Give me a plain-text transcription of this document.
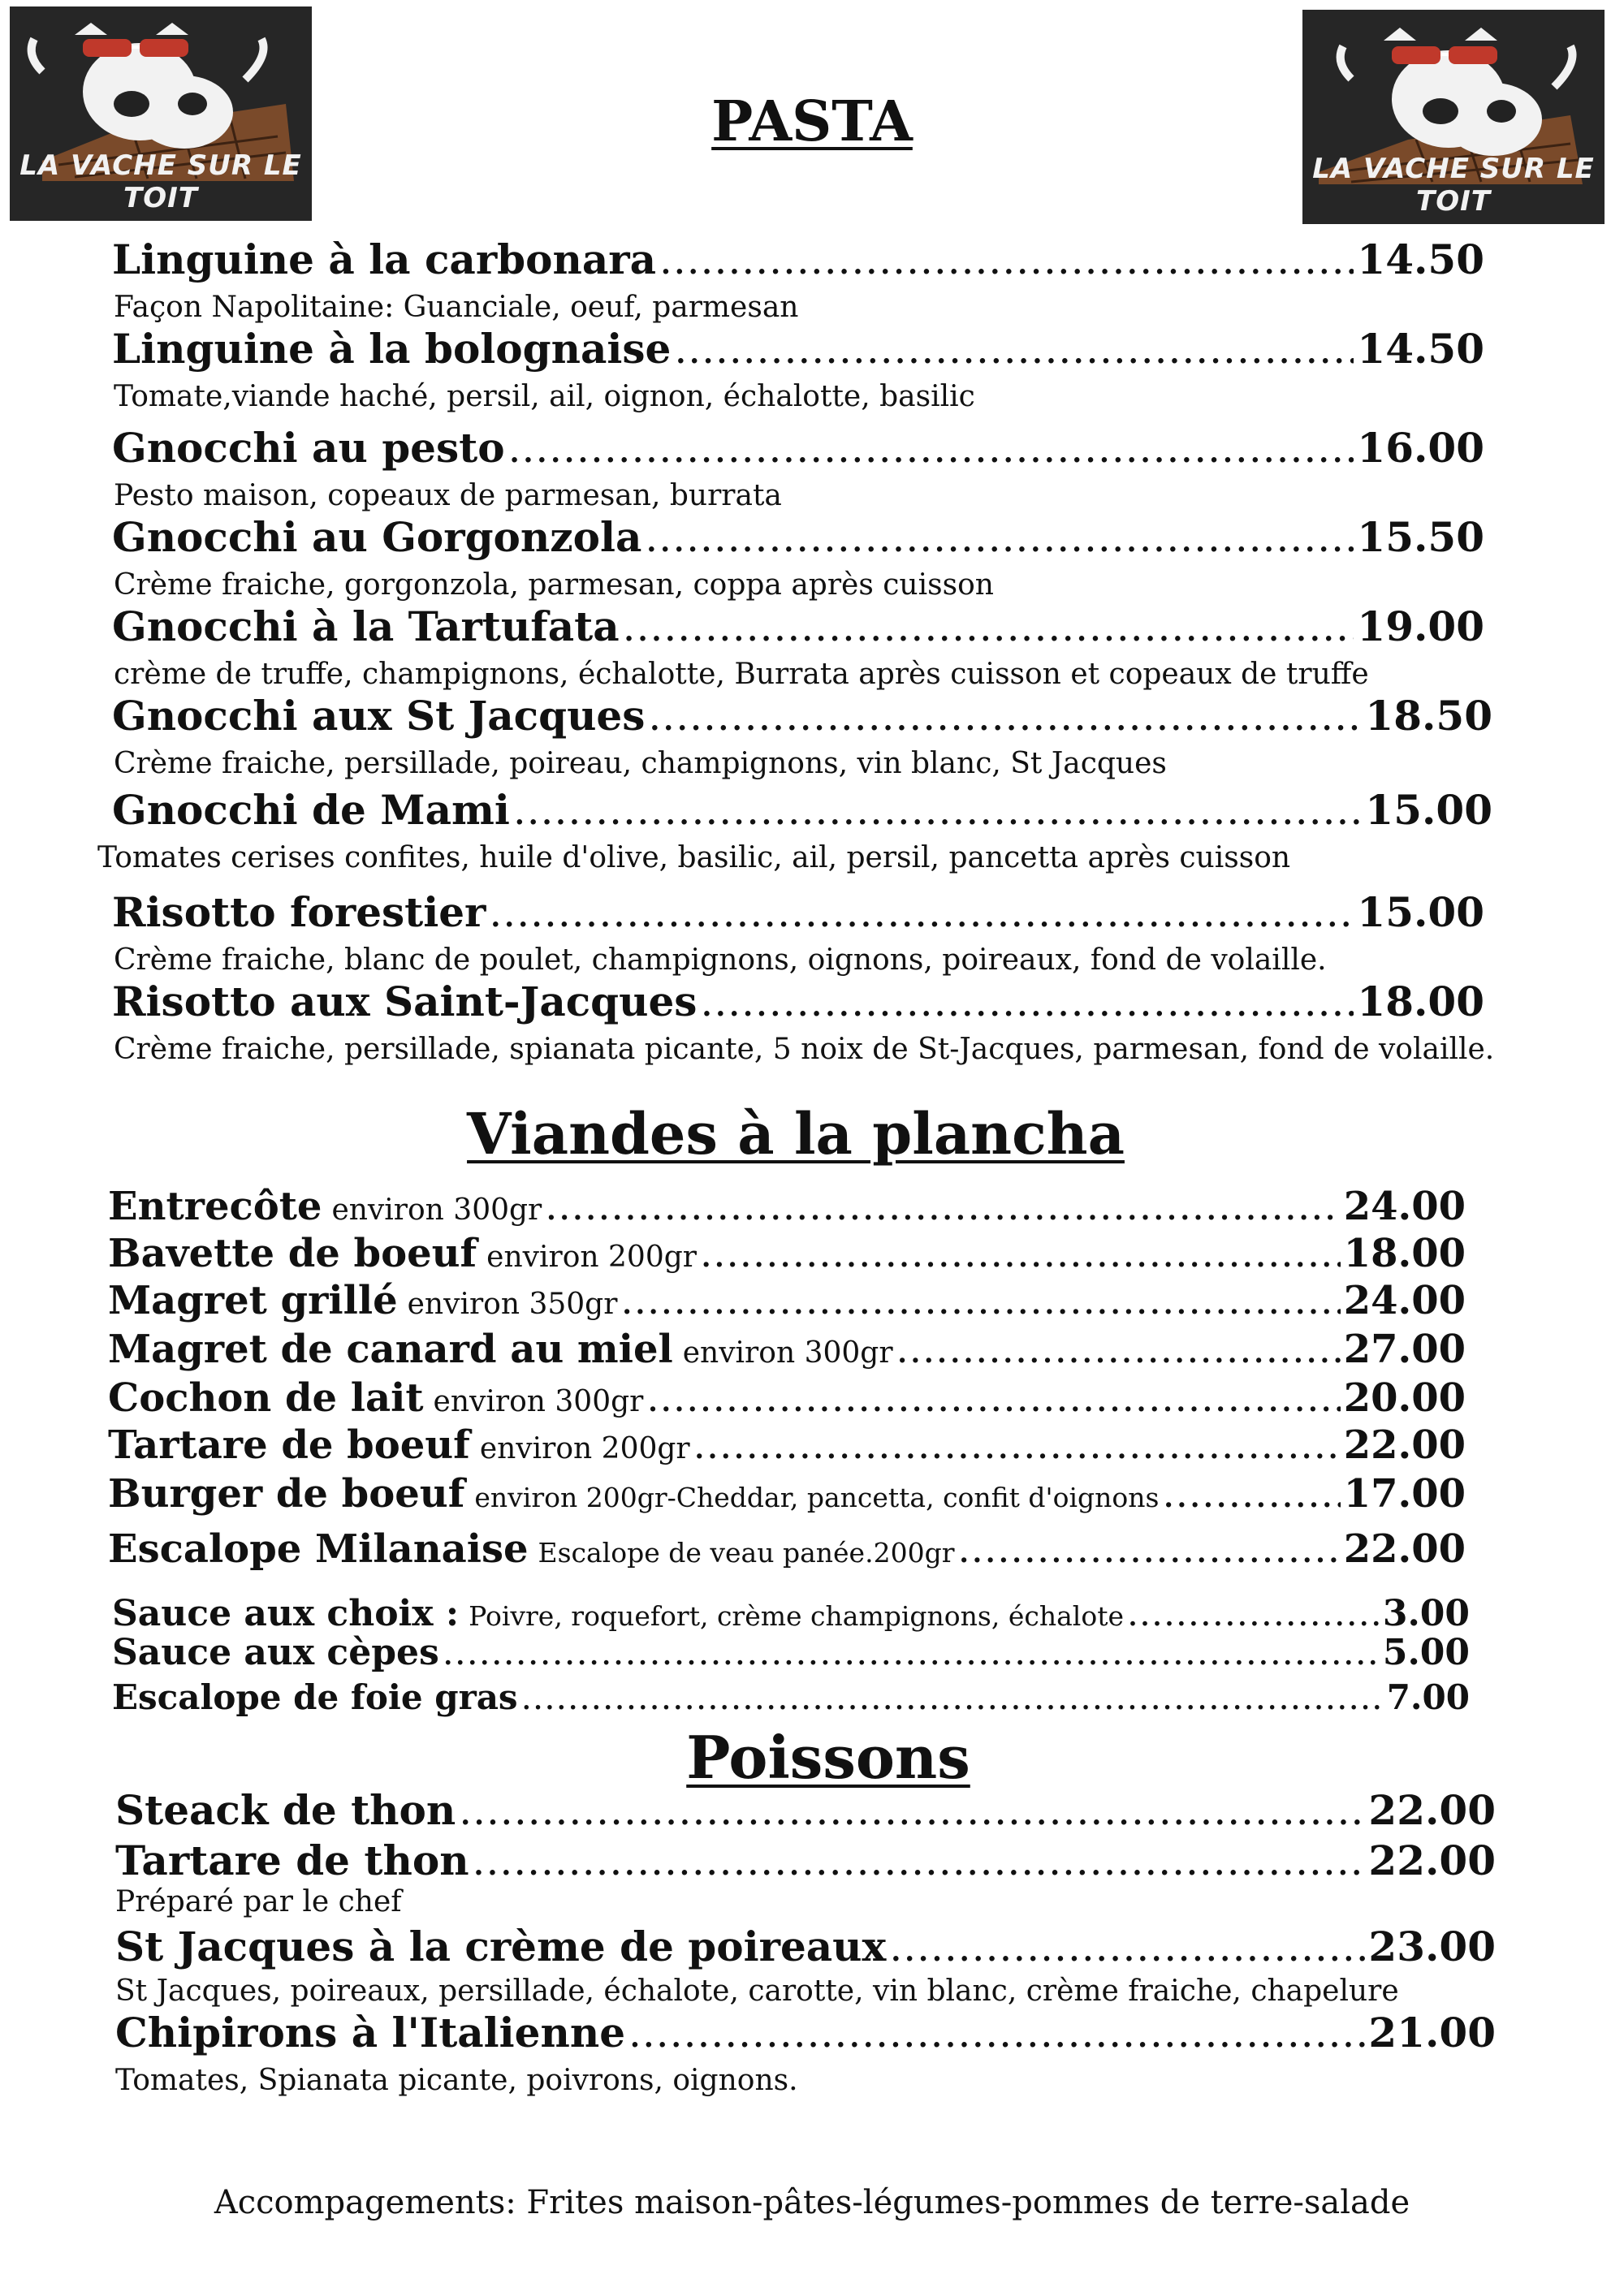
LA VACHE SUR LE TOIT
LA VACHE SUR LE TOIT
PASTA
Linguine à la carbonara .....	14.50
Façon Napolitaine: Guanciale, oeuf, parmesan
Linguine à la bolognaise .....	14.50
Tomate,viande haché, persil, ail, oignon, échalotte, basilic
Gnocchi au pesto .....	16.00
Pesto maison, copeaux de parmesan, burrata
Gnocchi au Gorgonzola .....	15.50
Crème fraiche, gorgonzola, parmesan, coppa après cuisson
Gnocchi à la Tartufata .....	19.00
crème de truffe, champignons, échalotte, Burrata après cuisson et copeaux de truffe
Gnocchi aux St Jacques .....	18.50
Crème fraiche, persillade, poireau, champignons, vin blanc, St Jacques
Gnocchi de Mami .....	15.00
Tomates cerises confites, huile d'olive, basilic, ail, persil, pancetta après cuisson
Risotto forestier .....	15.00
Crème fraiche, blanc de poulet, champignons, oignons, poireaux, fond de volaille.
Risotto aux Saint-Jacques .....	18.00
Crème fraiche, persillade, spianata picante, 5 noix de St-Jacques, parmesan, fond de volaille.
Viandes à la plancha
Entrecôte environ 300gr .....	24.00
Bavette de boeuf environ 200gr .....	18.00
Magret grillé environ 350gr .....	24.00
Magret de canard au miel environ 300gr .....	27.00
Cochon de lait environ 300gr .....	20.00
Tartare de boeuf environ 200gr .....	22.00
Burger de boeuf environ 200gr-Cheddar, pancetta, confit d'oignons .....	17.00
Escalope Milanaise Escalope de veau panée.200gr .....	22.00
Sauce aux choix : Poivre, roquefort, crème champignons, échalote .....	3.00
Sauce aux cèpes .....	5.00
Escalope de foie gras .....	7.00
Poissons
Steack de thon .....	22.00
Tartare de thon .....	22.00
Préparé par le chef
St Jacques à la crème de poireaux .....	23.00
St Jacques, poireaux, persillade, échalote, carotte, vin blanc, crème fraiche, chapelure
Chipirons à l'Italienne .....	21.00
Tomates, Spianata picante, poivrons, oignons.
Accompagements: Frites maison-pâtes-légumes-pommes de terre-salade
